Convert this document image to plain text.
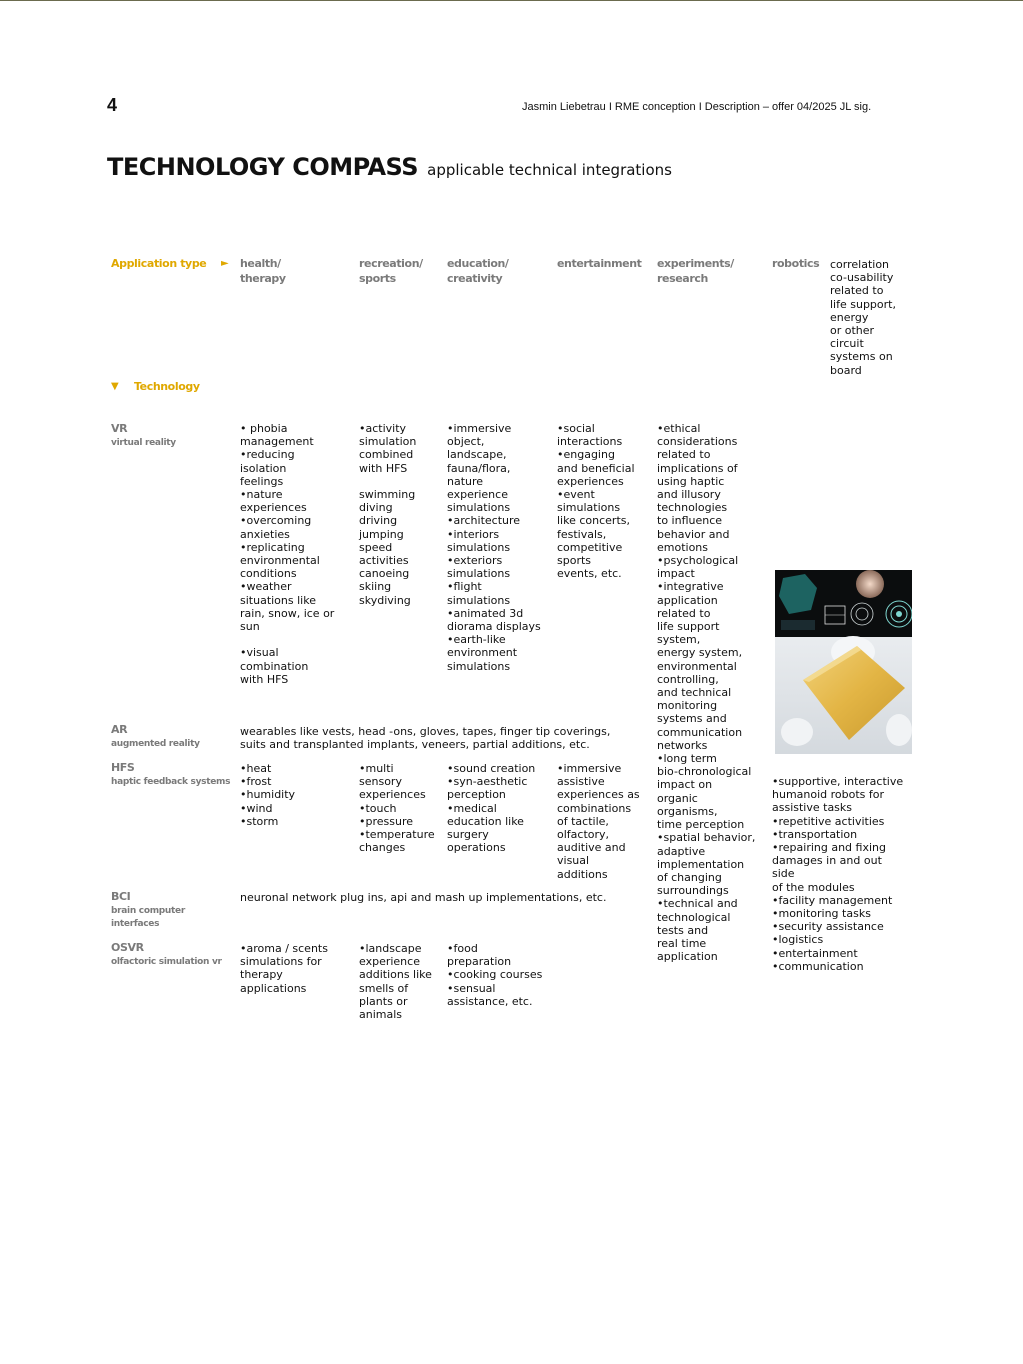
4	Jasmin Liebetrau I RME conception I Description – offer 04/2025 JL sig.
TECHNOLOGY COMPASS applicable technical integrations
Application type ► health/
therapy
recreation/
sports
education/
creativity
entertainment experiments/
research
robotics correlation
co-usability
related to
life support,
energy
or other
circuit
systems on
board
▼ Technology
VR
virtual reality
AR
augmented reality
HFS
haptic feedback systems
BCI
brain computer
interfaces
OSVR
olfactoric simulation vr
• phobia
management
•reducing
isolation
feelings
•nature
experiences
•overcoming
anxieties
•replicating
environmental
conditions
•weather
situations like
rain, snow, ice or
sun

•visual
combination
with HFS
•activity
simulation
combined
with HFS

swimming
diving
driving
jumping
speed
activities
canoeing
skiing
skydiving
•immersive
object,
landscape,
fauna/flora,
nature
experience
simulations
•architecture
•interiors
simulations
•exteriors
simulations
•flight
simulations
•animated 3d
diorama displays
•earth-like
environment
simulations
•social
interactions
•engaging
and beneficial
experiences
•event
simulations
like concerts,
festivals,
competitive
sports
events, etc.
•ethical
considerations
related to
implications of
using haptic
and illusory
technologies
to influence
behavior and
emotions
•psychological
impact
•integrative
application
related to
life support
system,
energy system,
environmental
controlling,
and technical
monitoring
systems and
communication
networks
•long term
bio-chronological
impact on
organic
organisms,
time perception
•spatial behavior,
adaptive
implementation
of changing
surroundings
•technical and
technological
tests and
real time
application
•supportive, interactive
humanoid robots for
assistive tasks
•repetitive activities
•transportation
•repairing and fixing
damages in and out
side
of the modules
•facility management
•monitoring tasks
•security assistance
•logistics
•entertainment
•communication
wearables like vests, head -ons, gloves, tapes, finger tip coverings,
suits and transplanted implants, veneers, partial additions, etc.
•heat
•frost
•humidity
•wind
•storm
•multi
sensory
experiences
•touch
•pressure
•temperature
changes
•sound creation
•syn-aesthetic
perception
•medical
education like
surgery
operations
•immersive
assistive
experiences as
combinations
of tactile,
olfactory,
auditive and
visual
additions
neuronal network plug ins, api and mash up implementations, etc.
•aroma / scents
simulations for
therapy
applications
•landscape
experience
additions like
smells of
plants or
animals
•food
preparation
•cooking courses
•sensual
assistance, etc.
